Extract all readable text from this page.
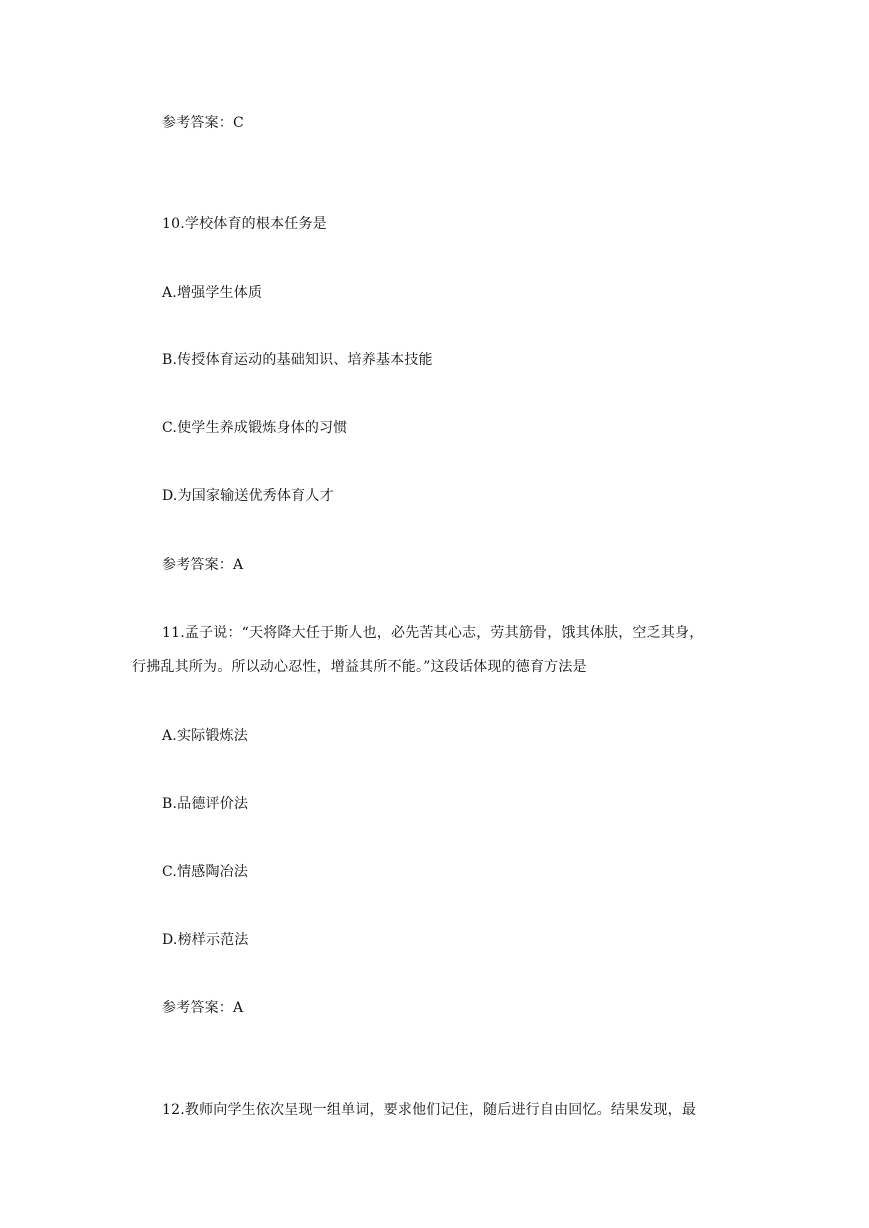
参考答案：C
10.学校体育的根本任务是
A.增强学生体质
B.传授体育运动的基础知识、培养基本技能
C.使学生养成锻炼身体的习惯
D.为国家输送优秀体育人才
参考答案：A
11.孟子说：“天将降大任于斯人也，必先苦其心志，劳其筋骨，饿其体肤，空乏其身，
行拂乱其所为。所以动心忍性，增益其所不能。”这段话体现的德育方法是
A.实际锻炼法
B.品德评价法
C.情感陶冶法
D.榜样示范法
参考答案：A
12.教师向学生依次呈现一组单词，要求他们记住，随后进行自由回忆。结果发现，最
